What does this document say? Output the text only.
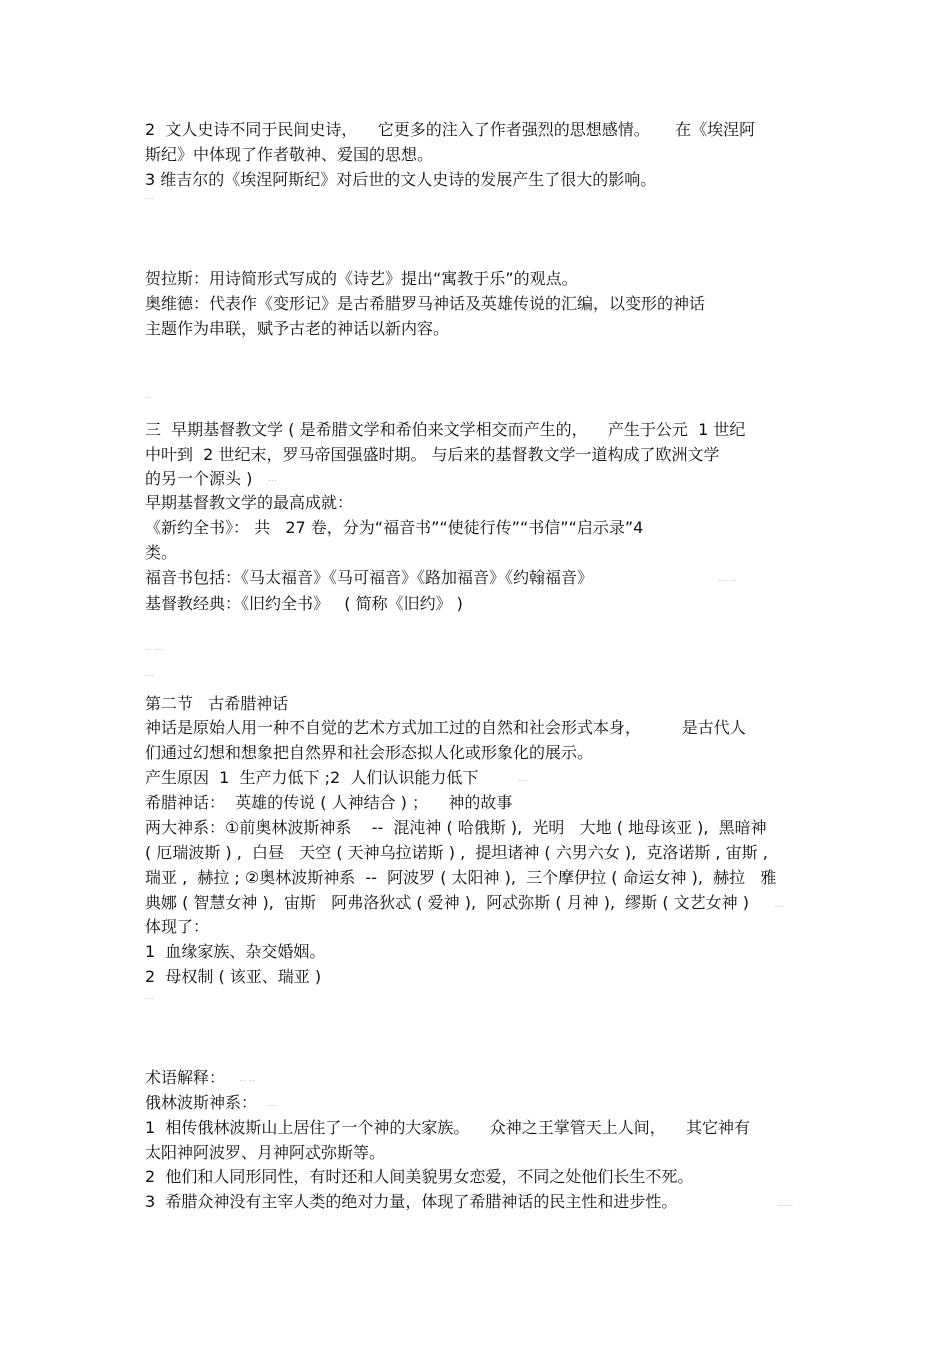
2  文人史诗不同于民间史诗，    它更多的注入了作者强烈的思想感情。     在《埃涅阿
斯纪》中体现了作者敬神、爱国的思想。
3 维吉尔的《埃涅阿斯纪》对后世的文人史诗的发展产生了很大的影响。
---
贺拉斯：用诗简形式写成的《诗艺》提出“寓教于乐”的观点。
奥维德：代表作《变形记》是古希腊罗马神话及英雄传说的汇编，以变形的神话
主题作为串联，赋予古老的神话以新内容。
--
三  早期基督教文学 ( 是希腊文学和希伯来文学相交而产生的，    产生于公元  1 世纪
中叶到  2 世纪末，罗马帝国强盛时期。 与后来的基督教文学一道构成了欧洲文学
的另一个源头 )	---
早期基督教文学的最高成就：
《新约全书》： 共   27 卷，分为“福音书”“使徒行传”“书信”“启示录”4
类。
福音书包括：《马太福音》《马可福音》《路加福音》《约翰福音》	--- --
基督教经典：《旧约全书》   ( 简称《旧约》 )
-- ---
---
第二节   古希腊神话
神话是原始人用一种不自觉的艺术方式加工过的自然和社会形式本身，        是古代人
们通过幻想和想象把自然界和社会形态拟人化或形象化的展示。
产生原因  1  生产力低下 ;2  人们认识能力低下	---
希腊神话：  英雄的传说 ( 人神结合 ) ；    神的故事
两大神系：①前奥林波斯神系    --  混沌神 ( 哈俄斯 ),  光明   大地 ( 地母该亚 ),  黑暗神
( 厄瑞波斯 ) ,  白昼   天空 ( 天神乌拉诺斯 ) ,  提坦诸神 ( 六男六女 ),  克洛诺斯 , 宙斯 ,
瑞亚 ,  赫拉 ; ②奥林波斯神系  --  阿波罗 ( 太阳神 ),  三个摩伊拉 ( 命运女神 ),  赫拉   雅
典娜 ( 智慧女神 ),  宙斯   阿弗洛狄忒 ( 爱神 ),  阿忒弥斯 ( 月神 ),  缪斯 ( 文艺女神 )	---
体现了：
1  血缘家族、杂交婚姻。
2  母权制 ( 该亚、瑞亚 )
---
术语解释： -- --
俄林波斯神系： ---
1  相传俄林波斯山上居住了一个神的大家族。    众神之王掌管天上人间，    其它神有
太阳神阿波罗、月神阿忒弥斯等。
2  他们和人同形同性，有时还和人间美貌男女恋爱，不同之处他们长生不死。
3  希腊众神没有主宰人类的绝对力量，体现了希腊神话的民主性和进步性。	-----
